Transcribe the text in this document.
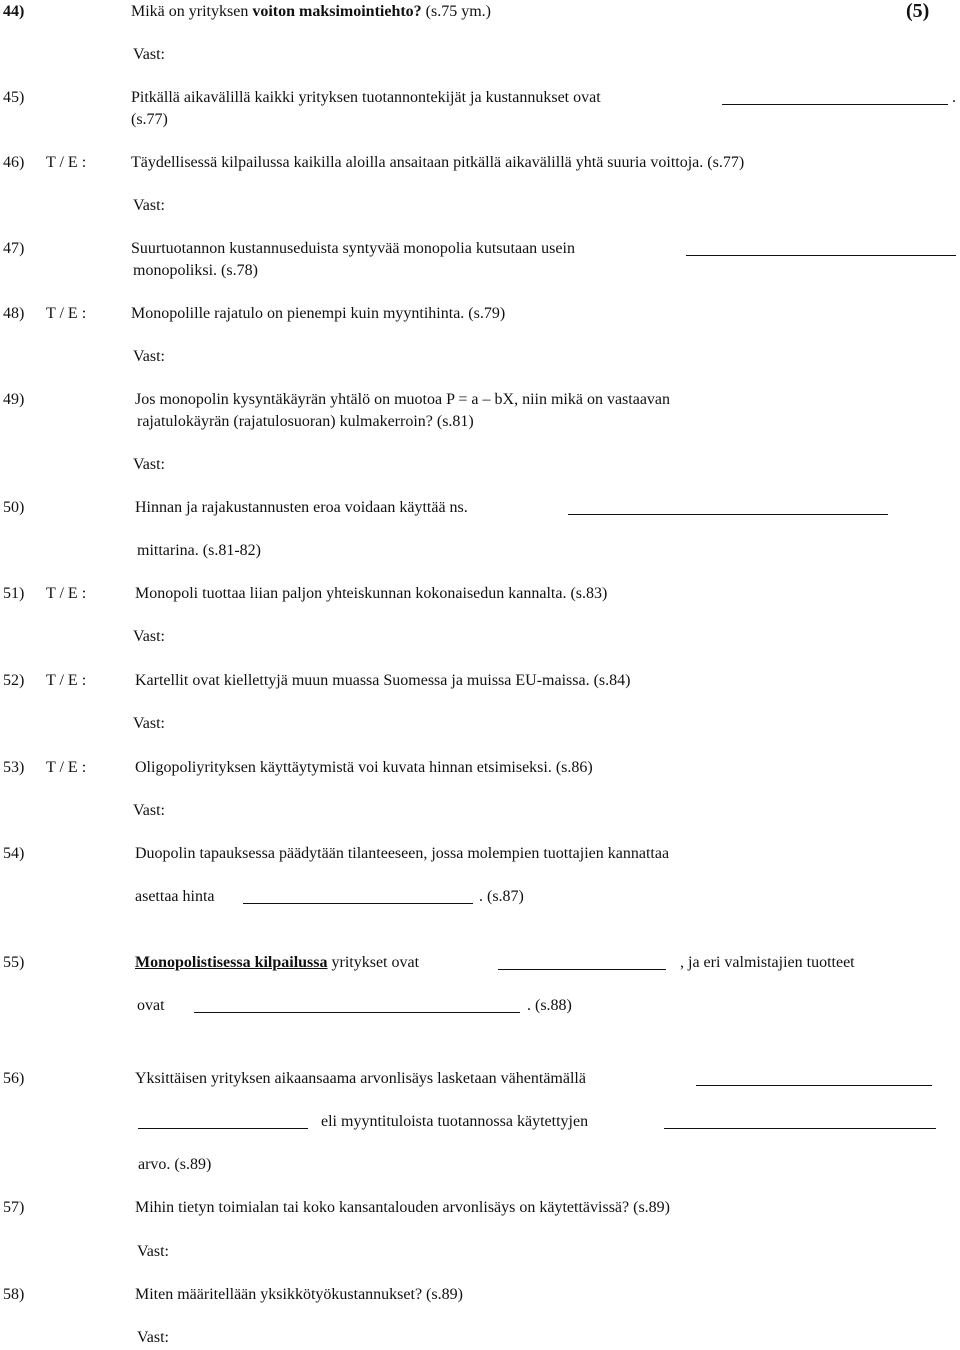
44)	Mikä on yrityksen voiton maksimointiehto? (s.75 ym.)	(5)
Vast:
45)	Pitkällä aikavälillä kaikki yrityksen tuotannontekijät ja kustannukset ovat	.
(s.77)
46) T / E :	Täydellisessä kilpailussa kaikilla aloilla ansaitaan pitkällä aikavälillä yhtä suuria voittoja. (s.77)
Vast:
47)	Suurtuotannon kustannuseduista syntyvää monopolia kutsutaan usein
monopoliksi. (s.78)
48) T / E :	Monopolille rajatulo on pienempi kuin myyntihinta. (s.79)
Vast:
49)	Jos monopolin kysyntäkäyrän yhtälö on muotoa P = a – bX, niin mikä on vastaavan
rajatulokäyrän (rajatulosuoran) kulmakerroin? (s.81)
Vast:
50)	Hinnan ja rajakustannusten eroa voidaan käyttää ns.
mittarina. (s.81-82)
51) T / E :	Monopoli tuottaa liian paljon yhteiskunnan kokonaisedun kannalta. (s.83)
Vast:
52) T / E :	Kartellit ovat kiellettyjä muun muassa Suomessa ja muissa EU-maissa. (s.84)
Vast:
53) T / E :	Oligopoliyrityksen käyttäytymistä voi kuvata hinnan etsimiseksi. (s.86)
Vast:
54)	Duopolin tapauksessa päädytään tilanteeseen, jossa molempien tuottajien kannattaa
asettaa hinta	. (s.87)
55)	Monopolistisessa kilpailussa yritykset ovat	, ja eri valmistajien tuotteet
ovat	. (s.88)
56)	Yksittäisen yrityksen aikaansaama arvonlisäys lasketaan vähentämällä
eli myyntituloista tuotannossa käytettyjen
arvo. (s.89)
57)	Mihin tietyn toimialan tai koko kansantalouden arvonlisäys on käytettävissä? (s.89)
Vast:
58)	Miten määritellään yksikkötyökustannukset? (s.89)
Vast:
